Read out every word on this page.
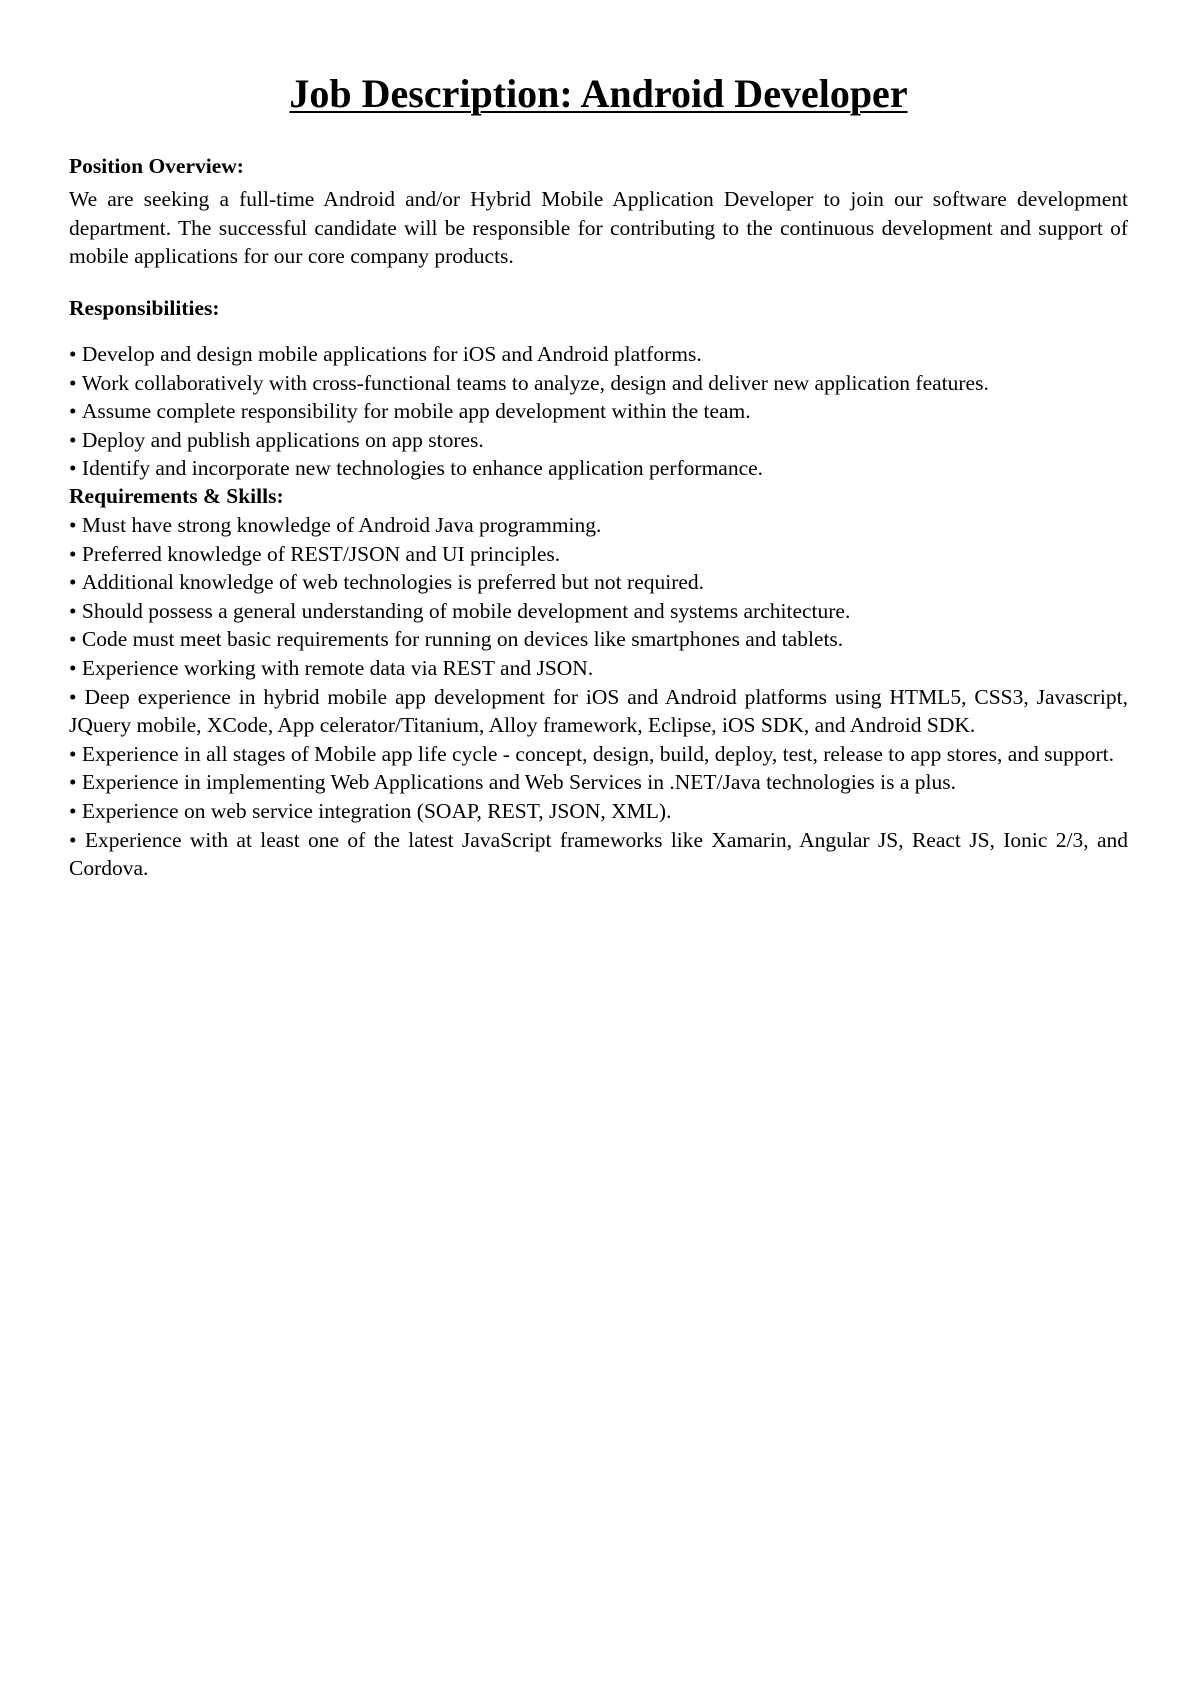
Job Description: Android Developer
Position Overview:
We are seeking a full-time Android and/or Hybrid Mobile Application Developer to join our software development department. The successful candidate will be responsible for contributing to the continuous development and support of mobile applications for our core company products.
Responsibilities:
• Develop and design mobile applications for iOS and Android platforms.
• Work collaboratively with cross-functional teams to analyze, design and deliver new application features.
• Assume complete responsibility for mobile app development within the team.
• Deploy and publish applications on app stores.
• Identify and incorporate new technologies to enhance application performance.
Requirements & Skills:
• Must have strong knowledge of Android Java programming.
• Preferred knowledge of REST/JSON and UI principles.
• Additional knowledge of web technologies is preferred but not required.
• Should possess a general understanding of mobile development and systems architecture.
• Code must meet basic requirements for running on devices like smartphones and tablets.
• Experience working with remote data via REST and JSON.
• Deep experience in hybrid mobile app development for iOS and Android platforms using HTML5, CSS3, Javascript, JQuery mobile, XCode, App celerator/Titanium, Alloy framework, Eclipse, iOS SDK, and Android SDK.
• Experience in all stages of Mobile app life cycle - concept, design, build, deploy, test, release to app stores, and support.
• Experience in implementing Web Applications and Web Services in .NET/Java technologies is a plus.
• Experience on web service integration (SOAP, REST, JSON, XML).
• Experience with at least one of the latest JavaScript frameworks like Xamarin, Angular JS, React JS, Ionic 2/3, and Cordova.
